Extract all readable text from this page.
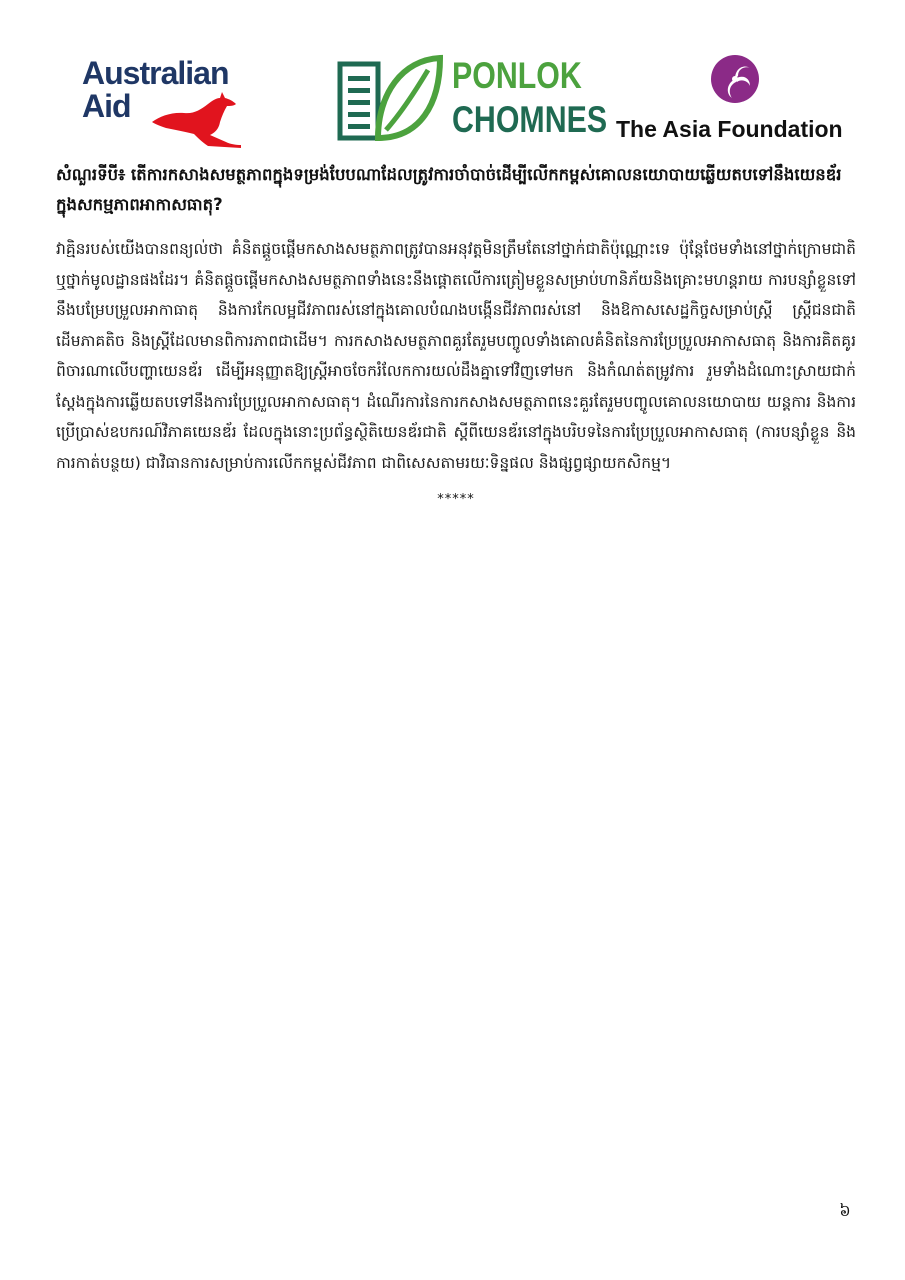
Australian
Aid
PONLOK
CHOMNES The Asia Foundation

សំណួរទីបី៖ តើការកសាងសមត្ថភាពក្នុងទម្រង់បែបណាដែលត្រូវការចាំបាច់ដើម្បីលើកកម្ពស់គោលនយោបាយឆ្លើយតបទៅនឹងយេនឌ័រក្នុងសកម្មភាពអាកាសធាតុ?

វាគ្មិនរបស់យើងបានពន្យល់ថា គំនិតផ្តួចផ្តើមកសាងសមត្ថភាពត្រូវបានអនុវត្តមិនត្រឹមតែនៅថ្នាក់ជាតិប៉ុណ្ណោះទេ ប៉ុន្តែថែមទាំងនៅថ្នាក់ក្រោមជាតិ ឬថ្នាក់មូលដ្ឋានផងដែរ។ គំនិតផ្តួចផ្តើមកសាងសមត្ថភាពទាំងនេះនឹងផ្តោតលើការត្រៀមខ្លួនសម្រាប់ហានិភ័យនិងគ្រោះមហន្តរាយ ការបន្សាំខ្លួនទៅនឹងបម្រែបម្រួលអាកាធាតុ និងការកែលម្អជីវភាពរស់នៅក្នុងគោលបំណងបង្កើនជីវភាពរស់នៅ និងឱកាសសេដ្ឋកិច្ចសម្រាប់ស្ត្រី ស្ត្រីជនជាតិដើមភាគតិច និងស្ត្រីដែលមានពិការភាពជាដើម។ ការកសាងសមត្ថភាពគួរតែរួមបញ្ចូលទាំងគោលគំនិតនៃការប្រែប្រួលអាកាសធាតុ និងការគិតគូរពិចារណាលើបញ្ហាយេនឌ័រ ដើម្បីអនុញ្ញាតឱ្យស្ត្រីអាចចែករំលែកការយល់ដឹងគ្នាទៅវិញទៅមក និងកំណត់តម្រូវការ រួមទាំងដំណោះស្រាយជាក់ស្តែងក្នុងការឆ្លើយតបទៅនឹងការប្រែប្រួលអាកាសធាតុ។ ដំណើរការនៃការកសាងសមត្ថភាពនេះគួរតែរួមបញ្ចូលគោលនយោបាយ យន្តការ និងការប្រើប្រាស់ឧបករណ៍វិភាគយេនឌ័រ ដែលក្នុងនោះប្រព័ន្ធស្ថិតិយេនឌ័រជាតិ ស្តីពីយេនឌ័រនៅក្នុងបរិបទនៃការប្រែប្រួលអាកាសធាតុ (ការបន្សាំខ្លួន និងការកាត់បន្ថយ) ជាវិធានការសម្រាប់ការលើកកម្ពស់ជីវភាព ជាពិសេសតាមរយៈទិន្នផល និងផ្សព្វផ្សាយកសិកម្ម។

*****
៦
